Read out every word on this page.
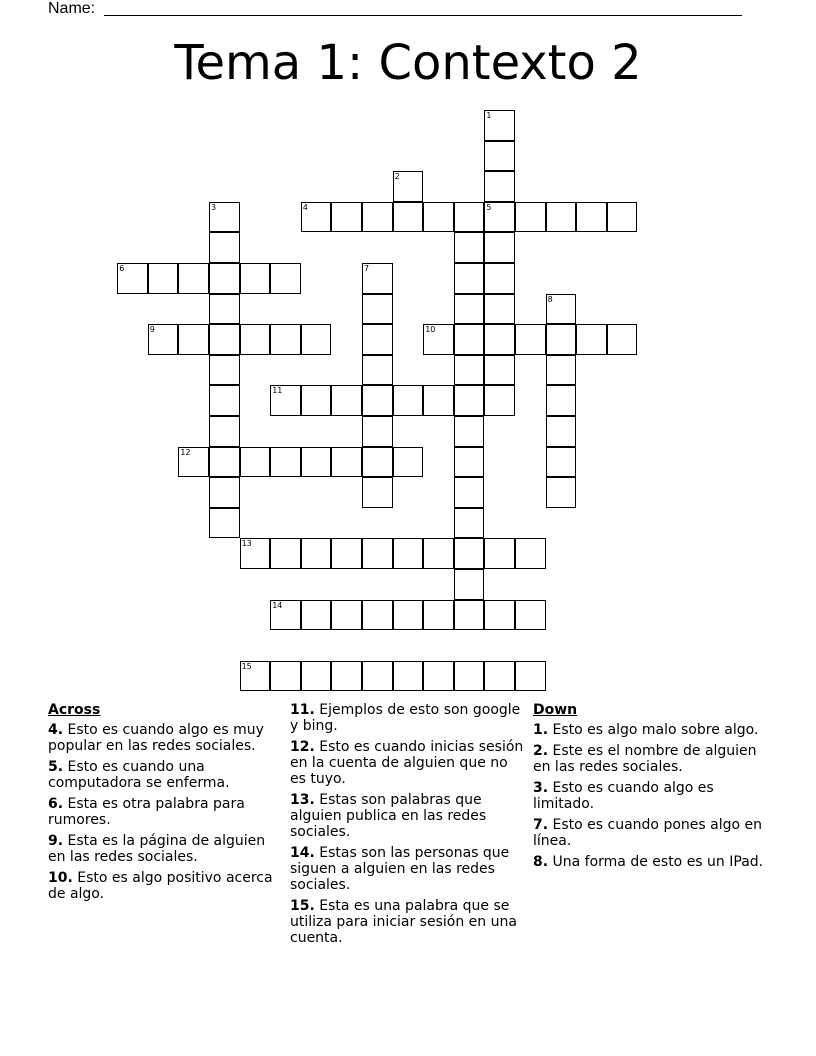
Name:
Tema 1: Contexto 2
1
2
3	4	5
6	7
8
9	10
11
12
13
14
15
Across
4. Esto es cuando algo es muy popular en las redes sociales.
5. Esto es cuando una computadora se enferma.
6. Esta es otra palabra para rumores.
9. Esta es la página de alguien en las redes sociales.
10. Esto es algo positivo acerca de algo.
11. Ejemplos de esto son google y bing.
12. Esto es cuando inicias sesión en la cuenta de alguien que no es tuyo.
13. Estas son palabras que alguien publica en las redes sociales.
14. Estas son las personas que siguen a alguien en las redes sociales.
15. Esta es una palabra que se utiliza para iniciar sesión en una cuenta.
Down
1. Esto es algo malo sobre algo.
2. Este es el nombre de alguien en las redes sociales.
3. Esto es cuando algo es limitado.
7. Esto es cuando pones algo en línea.
8. Una forma de esto es un IPad.
